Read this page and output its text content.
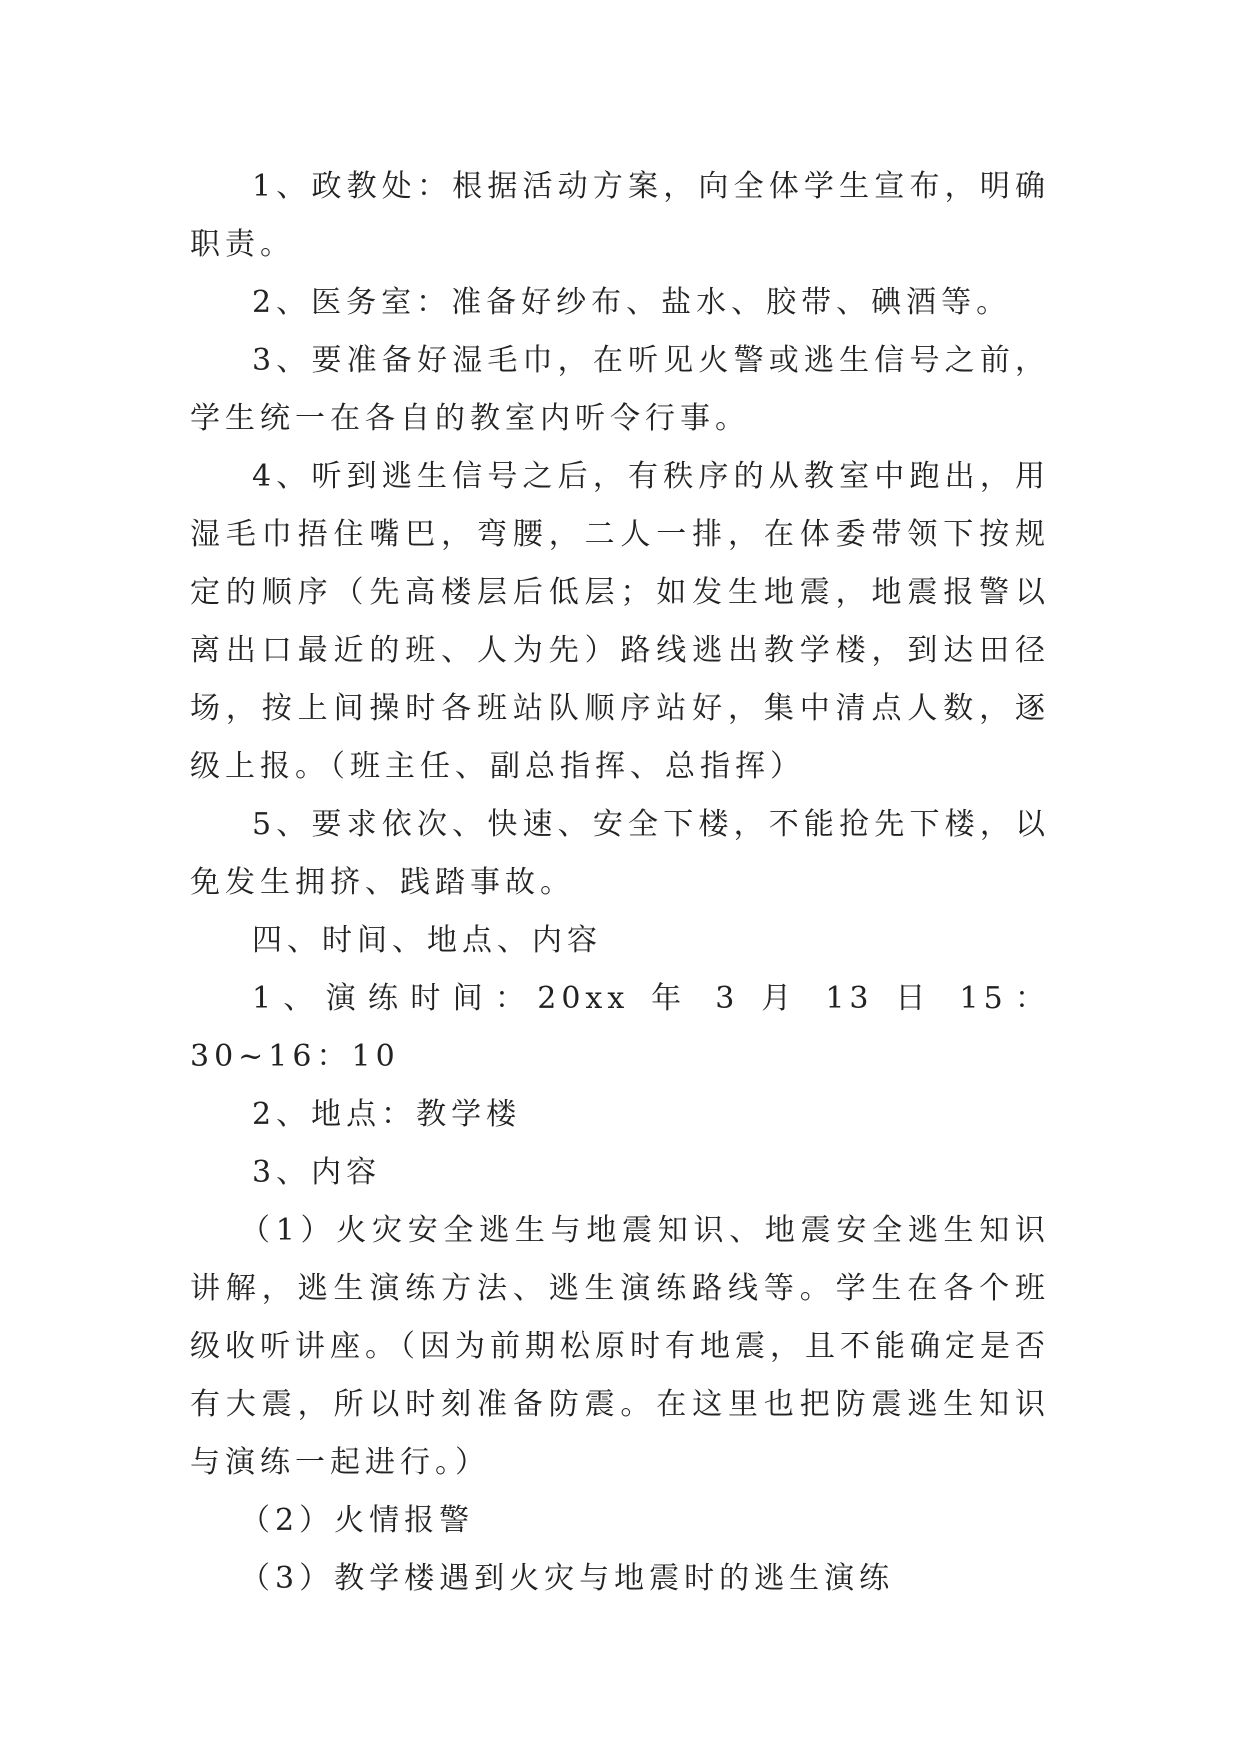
1、政教处：根据活动方案，向全体学生宣布，明确职责。

2、医务室：准备好纱布、盐水、胶带、碘酒等。

3、要准备好湿毛巾，在听见火警或逃生信号之前，学生统一在各自的教室内听令行事。

4、听到逃生信号之后，有秩序的从教室中跑出，用湿毛巾捂住嘴巴，弯腰，二人一排，在体委带领下按规定的顺序（先高楼层后低层；如发生地震，地震报警以离出口最近的班、人为先）路线逃出教学楼，到达田径场，按上间操时各班站队顺序站好，集中清点人数，逐级上报。（班主任、副总指挥、总指挥）

5、要求依次、快速、安全下楼，不能抢先下楼，以免发生拥挤、践踏事故。

四、时间、地点、内容

1、演练时间：20xx 年 3 月 13 日 15：30~16：10

2、地点：教学楼

3、内容

（1）火灾安全逃生与地震知识、地震安全逃生知识讲解，逃生演练方法、逃生演练路线等。学生在各个班级收听讲座。（因为前期松原时有地震，且不能确定是否有大震，所以时刻准备防震。在这里也把防震逃生知识与演练一起进行。）

（2）火情报警

（3）教学楼遇到火灾与地震时的逃生演练
